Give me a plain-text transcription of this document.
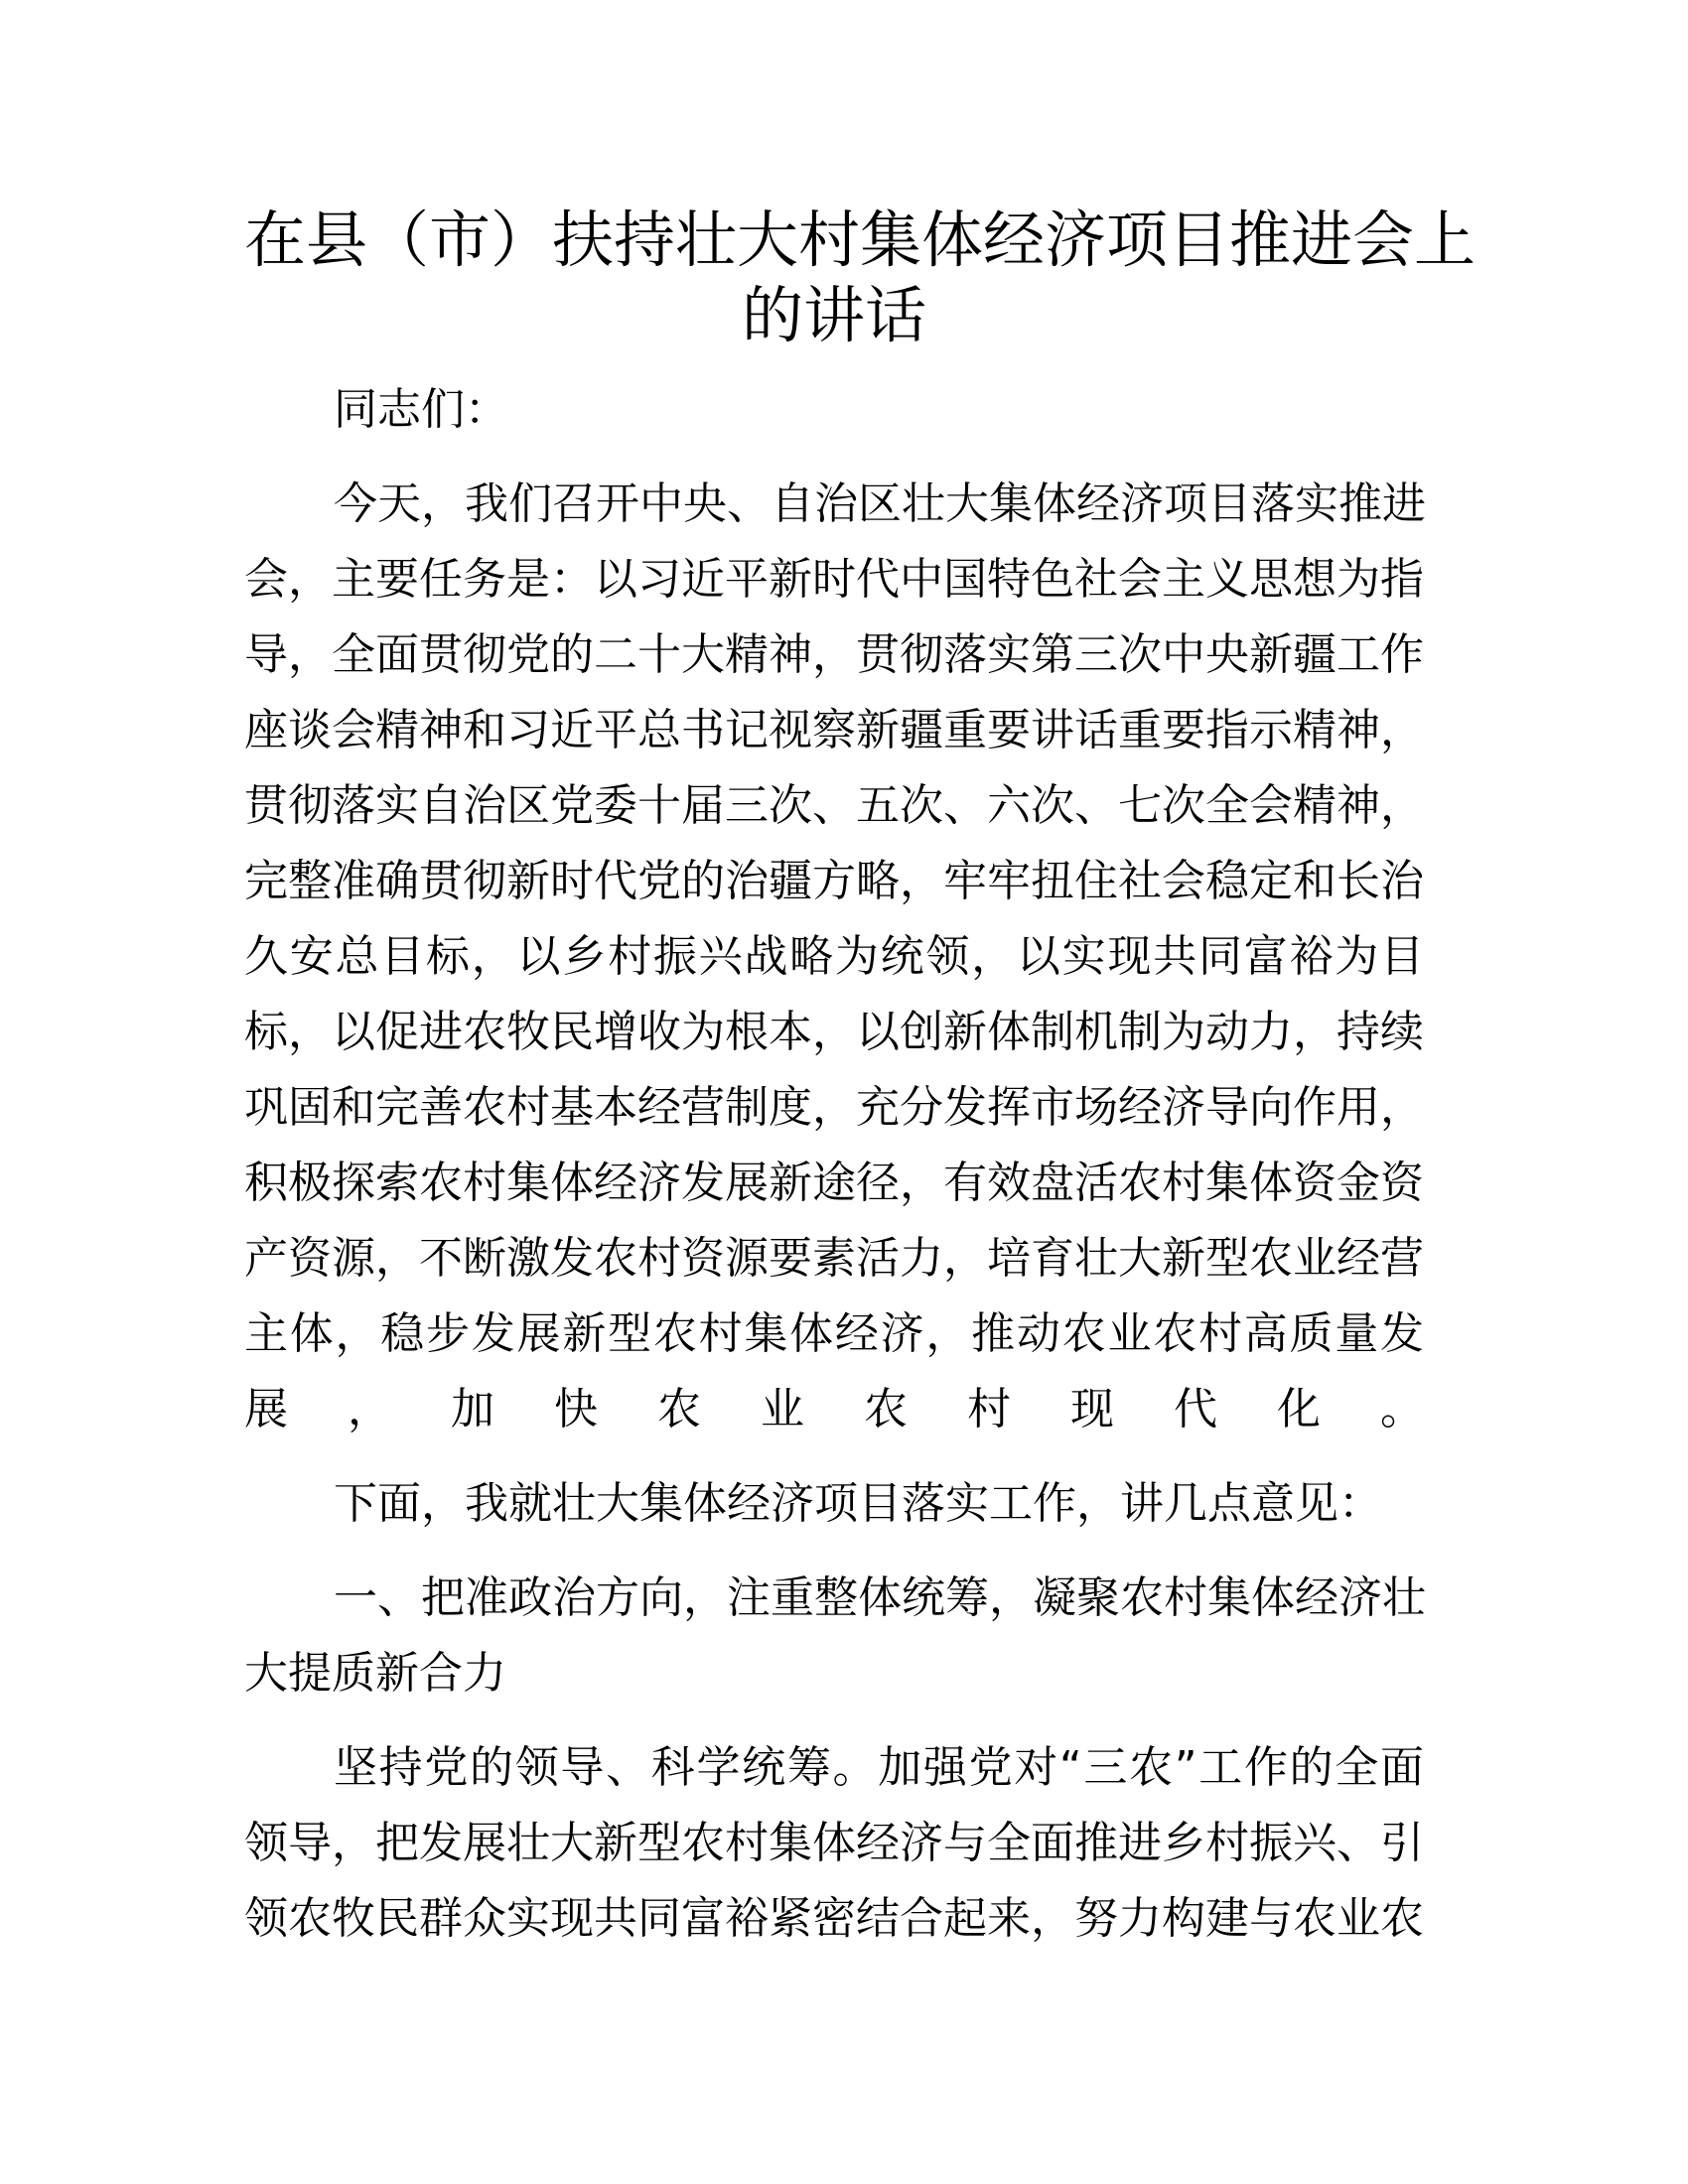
在县（市）扶持壮大村集体经济项目推进会上
的讲话
同志们：
今天，我们召开中央、自治区壮大集体经济项目落实推进
会，主要任务是：以习近平新时代中国特色社会主义思想为指
导，全面贯彻党的二十大精神，贯彻落实第三次中央新疆工作
座谈会精神和习近平总书记视察新疆重要讲话重要指示精神，
贯彻落实自治区党委十届三次、五次、六次、七次全会精神，
完整准确贯彻新时代党的治疆方略，牢牢扭住社会稳定和长治
久安总目标，以乡村振兴战略为统领，以实现共同富裕为目
标，以促进农牧民增收为根本，以创新体制机制为动力，持续
巩固和完善农村基本经营制度，充分发挥市场经济导向作用，
积极探索农村集体经济发展新途径，有效盘活农村集体资金资
产资源，不断激发农村资源要素活力，培育壮大新型农业经营
主体，稳步发展新型农村集体经济，推动农业农村高质量发
展，加快农业农村现代化。
下面，我就壮大集体经济项目落实工作，讲几点意见：
一、把准政治方向，注重整体统筹，凝聚农村集体经济壮
大提质新合力
坚持党的领导、科学统筹。加强党对“三农”工作的全面
领导，把发展壮大新型农村集体经济与全面推进乡村振兴、引
领农牧民群众实现共同富裕紧密结合起来，努力构建与农业农
